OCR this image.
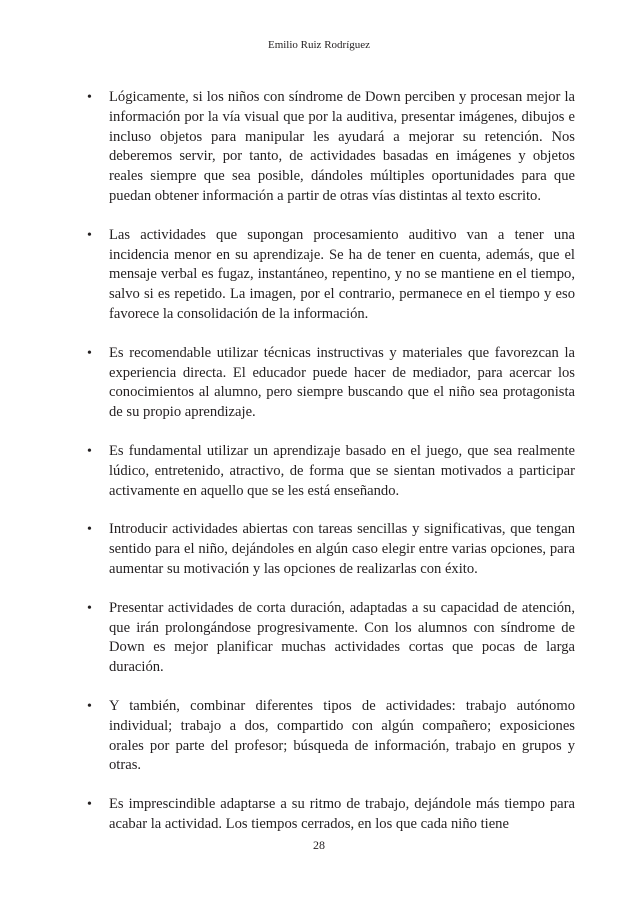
Emilio Ruiz Rodríguez
• Lógicamente, si los niños con síndrome de Down perciben y procesan mejor la información por la vía visual que por la auditiva, presentar imágenes, dibujos e incluso objetos para manipular les ayudará a mejorar su retención. Nos deberemos servir, por tanto, de actividades basadas en imágenes y objetos reales siempre que sea posible, dándoles múltiples oportunidades para que puedan obtener información a partir de otras vías distintas al texto escrito.
• Las actividades que supongan procesamiento auditivo van a tener una incidencia menor en su aprendizaje. Se ha de tener en cuenta, además, que el mensaje verbal es fugaz, instantáneo, repentino, y no se mantiene en el tiempo, salvo si es repetido. La imagen, por el contrario, permanece en el tiempo y eso favorece la consolidación de la información.
• Es recomendable utilizar técnicas instructivas y materiales que favorezcan la experiencia directa. El educador puede hacer de mediador, para acercar los conocimientos al alumno, pero siempre buscando que el niño sea protagonista de su propio aprendizaje.
• Es fundamental utilizar un aprendizaje basado en el juego, que sea realmente lúdico, entretenido, atractivo, de forma que se sientan motivados a participar activamente en aquello que se les está enseñando.
• Introducir actividades abiertas con tareas sencillas y significativas, que tengan sentido para el niño, dejándoles en algún caso elegir entre varias opciones, para aumentar su motivación y las opciones de realizarlas con éxito.
• Presentar actividades de corta duración, adaptadas a su capacidad de atención, que irán prolongándose progresivamente. Con los alumnos con síndrome de Down es mejor planificar muchas actividades cortas que pocas de larga duración.
• Y también, combinar diferentes tipos de actividades: trabajo autónomo individual; trabajo a dos, compartido con algún compañero; exposiciones orales por parte del profesor; búsqueda de información, trabajo en grupos y otras.
• Es imprescindible adaptarse a su ritmo de trabajo, dejándole más tiempo para acabar la actividad. Los tiempos cerrados, en los que cada niño tiene
28
